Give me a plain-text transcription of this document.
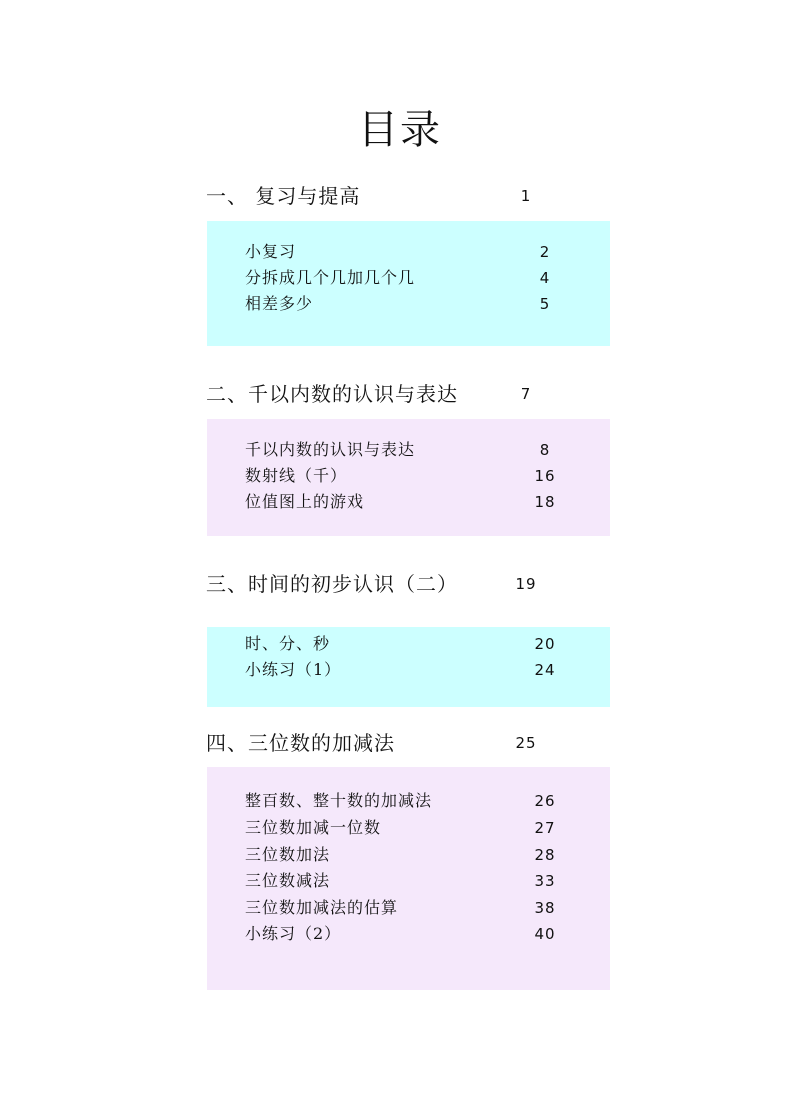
目录
一、 复习与提高	1
小复习	2
分拆成几个几加几个几	4
相差多少	5
二、千以内数的认识与表达	7
千以内数的认识与表达	8
数射线（千）	16
位值图上的游戏	18
三、时间的初步认识（二）	19
时、分、秒	20
小练习（1）	24
四、三位数的加减法	25
整百数、整十数的加减法	26
三位数加减一位数	27
三位数加法	28
三位数减法	33
三位数加减法的估算	38
小练习（2）	40
